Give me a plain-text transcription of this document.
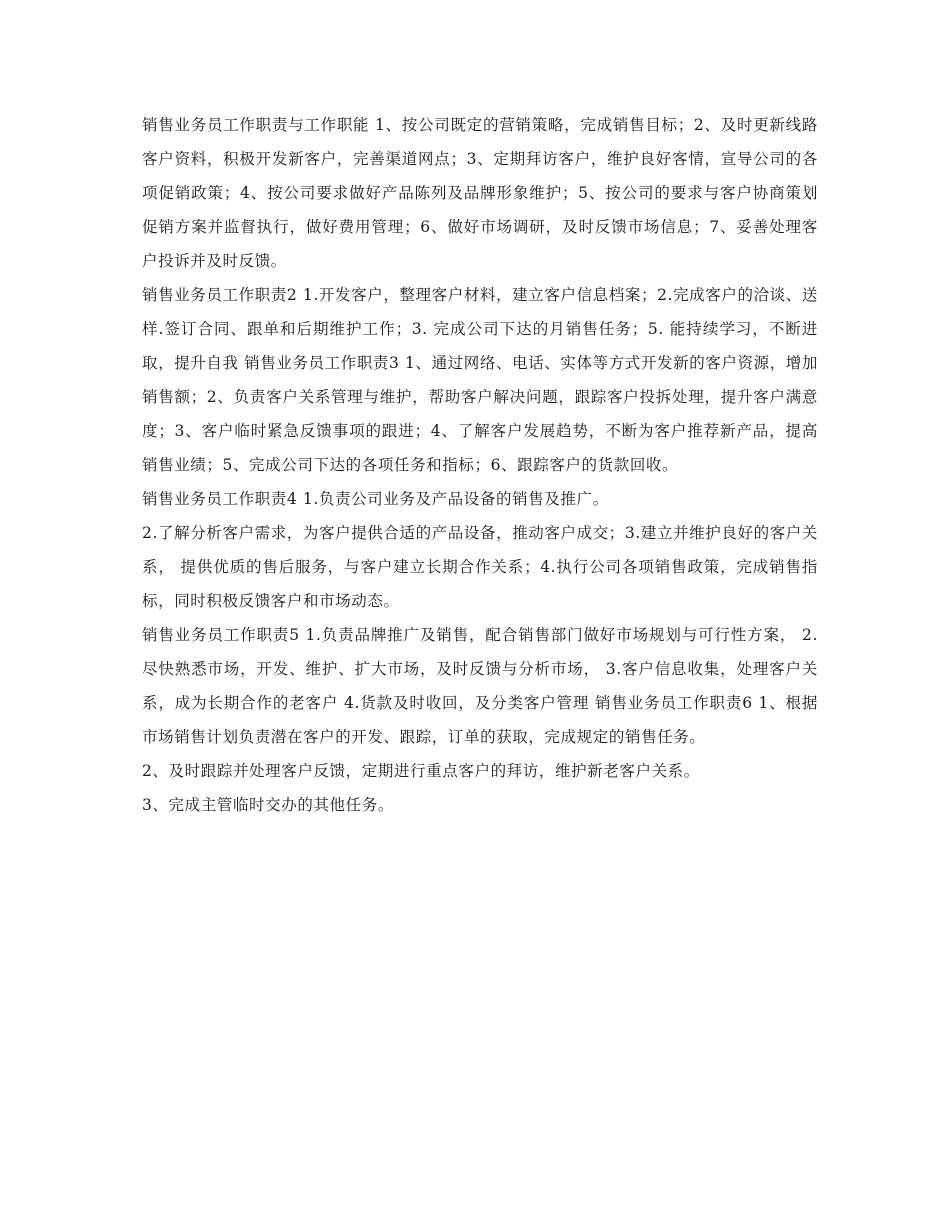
销售业务员工作职责与工作职能 1、按公司既定的营销策略，完成销售目标；2、及时更新线路客户资料，积极开发新客户，完善渠道网点；3、定期拜访客户，维护良好客情，宣导公司的各项促销政策；4、按公司要求做好产品陈列及品牌形象维护；5、按公司的要求与客户协商策划促销方案并监督执行，做好费用管理；6、做好市场调研，及时反馈市场信息；7、妥善处理客户投诉并及时反馈。

销售业务员工作职责2 1.开发客户，整理客户材料，建立客户信息档案；2.完成客户的洽谈、送样.签订合同、跟单和后期维护工作；3. 完成公司下达的月销售任务；5. 能持续学习，不断进取，提升自我 销售业务员工作职责3 1、通过网络、电话、实体等方式开发新的客户资源，增加销售额；2、负责客户关系管理与维护，帮助客户解决问题，跟踪客户投拆处理，提升客户满意度；3、客户临时紧急反馈事项的跟进；4、了解客户发展趋势，不断为客户推荐新产品，提高销售业绩；5、完成公司下达的各项任务和指标；6、跟踪客户的货款回收。

销售业务员工作职责4 1.负责公司业务及产品设备的销售及推广。

2.了解分析客户需求，为客户提供合适的产品设备，推动客户成交；3.建立并维护良好的客户关系， 提供优质的售后服务，与客户建立长期合作关系；4.执行公司各项销售政策，完成销售指标，同时积极反馈客户和市场动态。

销售业务员工作职责5 1.负责品牌推广及销售，配合销售部门做好市场规划与可行性方案， 2.尽快熟悉市场，开发、维护、扩大市场，及时反馈与分析市场， 3.客户信息收集，处理客户关系，成为长期合作的老客户 4.货款及时收回，及分类客户管理 销售业务员工作职责6 1、根据市场销售计划负责潜在客户的开发、跟踪，订单的获取，完成规定的销售任务。

2、及时跟踪并处理客户反馈，定期进行重点客户的拜访，维护新老客户关系。

3、完成主管临时交办的其他任务。
